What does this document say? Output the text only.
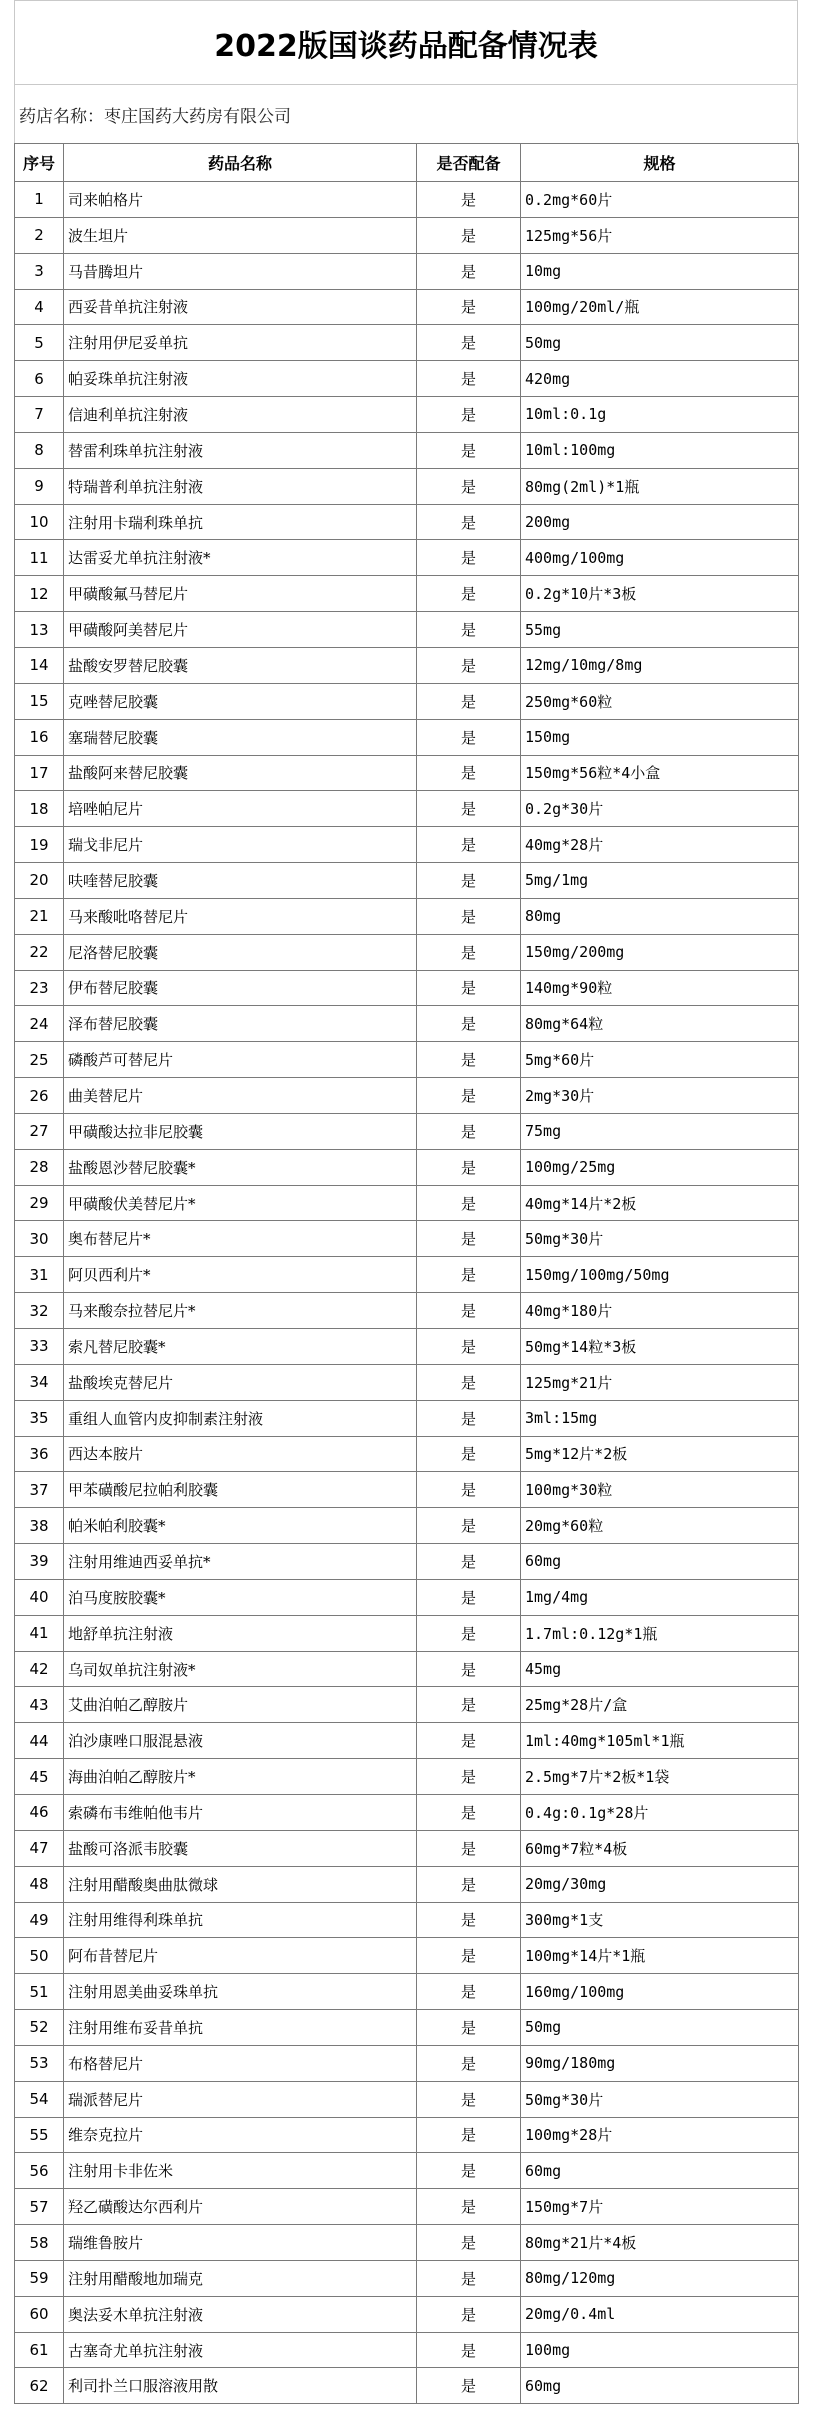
2022版国谈药品配备情况表
药店名称：枣庄国药大药房有限公司
序号	药品名称	是否配备	规格
1	司来帕格片	是	0.2mg*60片
2	波生坦片	是	125mg*56片
3	马昔腾坦片	是	10mg
4	西妥昔单抗注射液	是	100mg/20ml/瓶
5	注射用伊尼妥单抗	是	50mg
6	帕妥珠单抗注射液	是	420mg
7	信迪利单抗注射液	是	10ml:0.1g
8	替雷利珠单抗注射液	是	10ml:100mg
9	特瑞普利单抗注射液	是	80mg(2ml)*1瓶
10	注射用卡瑞利珠单抗	是	200mg
11	达雷妥尤单抗注射液*	是	400mg/100mg
12	甲磺酸氟马替尼片	是	0.2g*10片*3板
13	甲磺酸阿美替尼片	是	55mg
14	盐酸安罗替尼胶囊	是	12mg/10mg/8mg
15	克唑替尼胶囊	是	250mg*60粒
16	塞瑞替尼胶囊	是	150mg
17	盐酸阿来替尼胶囊	是	150mg*56粒*4小盒
18	培唑帕尼片	是	0.2g*30片
19	瑞戈非尼片	是	40mg*28片
20	呋喹替尼胶囊	是	5mg/1mg
21	马来酸吡咯替尼片	是	80mg
22	尼洛替尼胶囊	是	150mg/200mg
23	伊布替尼胶囊	是	140mg*90粒
24	泽布替尼胶囊	是	80mg*64粒
25	磷酸芦可替尼片	是	5mg*60片
26	曲美替尼片	是	2mg*30片
27	甲磺酸达拉非尼胶囊	是	75mg
28	盐酸恩沙替尼胶囊*	是	100mg/25mg
29	甲磺酸伏美替尼片*	是	40mg*14片*2板
30	奥布替尼片*	是	50mg*30片
31	阿贝西利片*	是	150mg/100mg/50mg
32	马来酸奈拉替尼片*	是	40mg*180片
33	索凡替尼胶囊*	是	50mg*14粒*3板
34	盐酸埃克替尼片	是	125mg*21片
35	重组人血管内皮抑制素注射液	是	3ml:15mg
36	西达本胺片	是	5mg*12片*2板
37	甲苯磺酸尼拉帕利胶囊	是	100mg*30粒
38	帕米帕利胶囊*	是	20mg*60粒
39	注射用维迪西妥单抗*	是	60mg
40	泊马度胺胶囊*	是	1mg/4mg
41	地舒单抗注射液	是	1.7ml:0.12g*1瓶
42	乌司奴单抗注射液*	是	45mg
43	艾曲泊帕乙醇胺片	是	25mg*28片/盒
44	泊沙康唑口服混悬液	是	1ml:40mg*105ml*1瓶
45	海曲泊帕乙醇胺片*	是	2.5mg*7片*2板*1袋
46	索磷布韦维帕他韦片	是	0.4g:0.1g*28片
47	盐酸可洛派韦胶囊	是	60mg*7粒*4板
48	注射用醋酸奥曲肽微球	是	20mg/30mg
49	注射用维得利珠单抗	是	300mg*1支
50	阿布昔替尼片	是	100mg*14片*1瓶
51	注射用恩美曲妥珠单抗	是	160mg/100mg
52	注射用维布妥昔单抗	是	50mg
53	布格替尼片	是	90mg/180mg
54	瑞派替尼片	是	50mg*30片
55	维奈克拉片	是	100mg*28片
56	注射用卡非佐米	是	60mg
57	羟乙磺酸达尔西利片	是	150mg*7片
58	瑞维鲁胺片	是	80mg*21片*4板
59	注射用醋酸地加瑞克	是	80mg/120mg
60	奥法妥木单抗注射液	是	20mg/0.4ml
61	古塞奇尤单抗注射液	是	100mg
62	利司扑兰口服溶液用散	是	60mg
